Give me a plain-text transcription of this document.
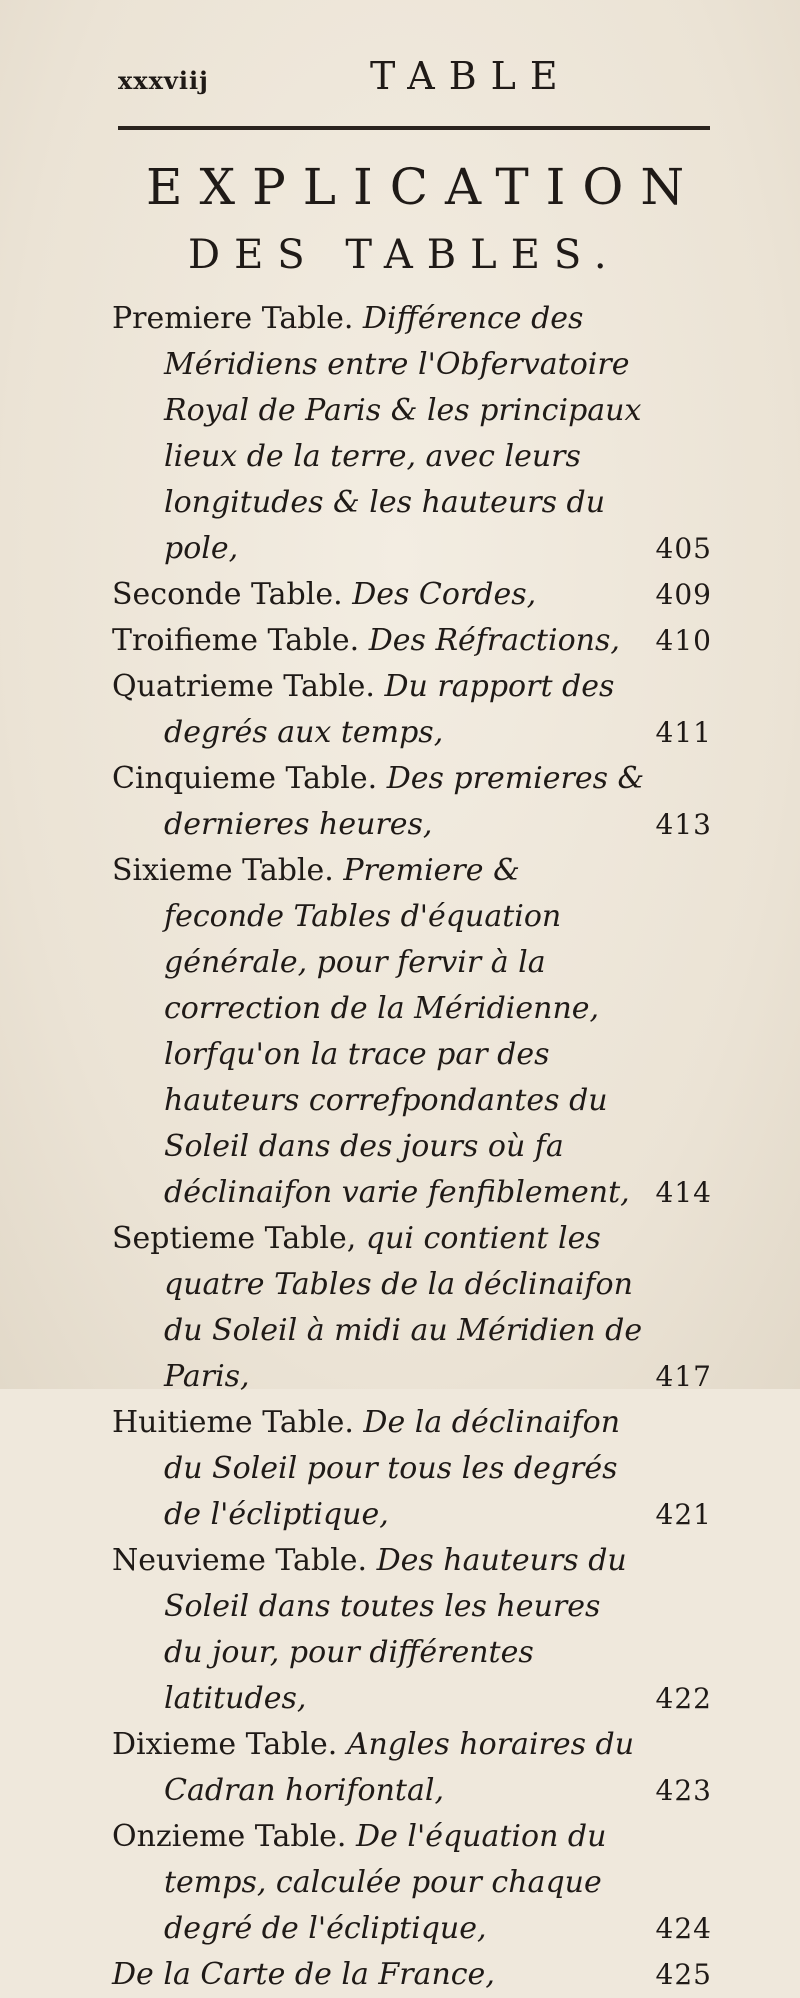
xxxviij	TABLE
EXPLICATION
DES TABLES.
Premiere Table. Différence des Méridiens entre l'Obfervatoire Royal de Paris & les principaux lieux de la terre, avec leurs longitudes & les hauteurs du pole,	405
Seconde Table. Des Cordes,	409
Troifieme Table. Des Réfractions, 410
Quatrieme Table. Du rapport des degrés aux temps,	411
Cinquieme Table. Des premieres & dernieres heures,	413
Sixieme Table. Premiere & feconde Tables d'équation générale, pour fervir à la correction de la Méridienne, lorfqu'on la trace par des hauteurs correfpondantes du Soleil dans des jours où fa déclinaifon varie fenfiblement, 414
Septieme Table, qui contient les quatre Tables de la déclinaifon du Soleil à midi au Méridien de Paris,	417
Huitieme Table. De la déclinaifon du Soleil pour tous les degrés de l'écliptique,	421
Neuvieme Table. Des hauteurs du Soleil dans toutes les heures du jour, pour différentes latitudes,	422
Dixieme Table. Angles horaires du Cadran horifontal,	423
Onzieme Table. De l'équation du temps, calculée pour chaque degré de l'écliptique,	424
De la Carte de la France,	425
